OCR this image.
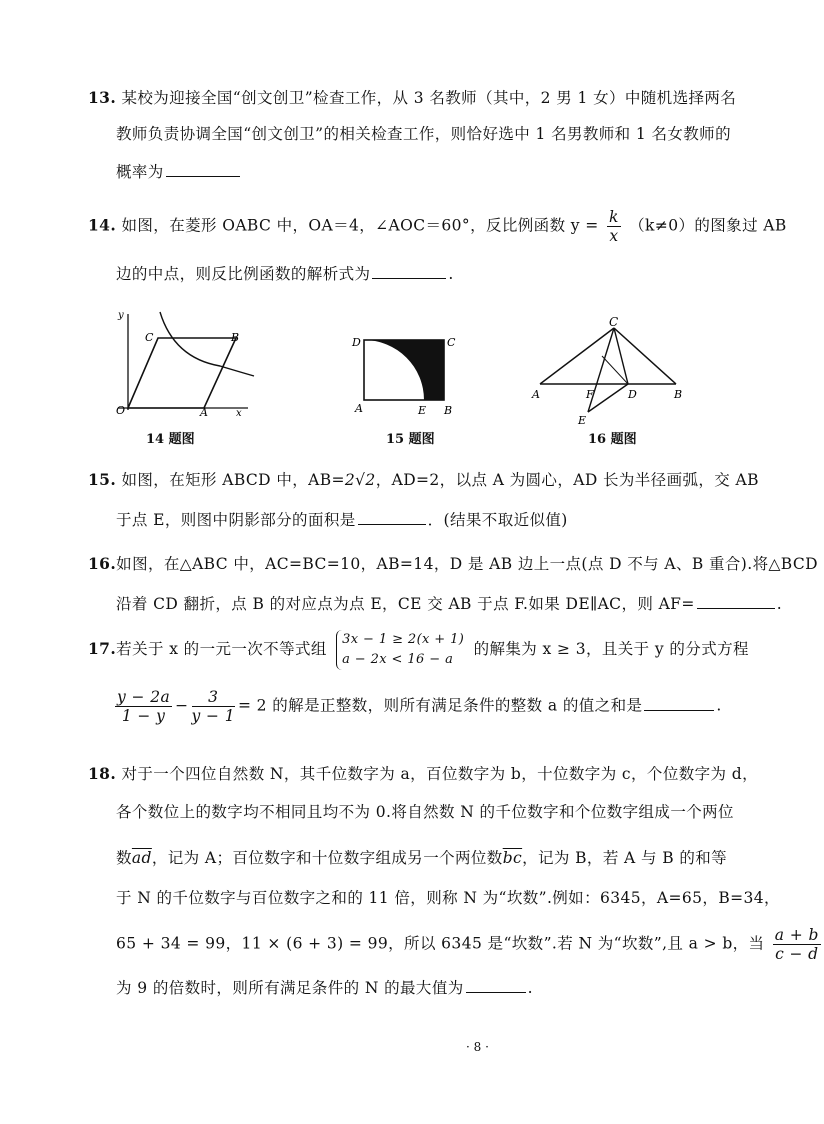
13. 某校为迎接全国“创文创卫”检查工作，从 3 名教师（其中，2 男 1 女）中随机选择两名
教师负责协调全国“创文创卫”的相关检查工作，则恰好选中 1 名男教师和 1 名女教师的
概率为
14. 如图，在菱形 OABC 中，OA＝4，∠AOC＝60°，反比例函数 $y = \frac{k}{x} (k\ne 0)$的图象过 AB
边的中点，则反比例函数的解析式为	.
y
x
O	A
B
C
14 题图
D	C
A	E B
15 题图
C
A	F	D	B
E
16 题图
15. 如图，在矩形 ABCD 中，AB=2√2，AD=2，以点 A 为圆心，AD 长为半径画弧，交 AB
于点 E，则图中阴影部分的面积是	．(结果不取近似值)
16.如图，在△ABC 中，AC=BC=10，AB=14，D 是 AB 边上一点(点 D 不与 A、B 重合).将△BCD
沿着 CD 翻折，点 B 的对应点为点 E，CE 交 AB 于点 F.如果 DE∥AC，则 AF=	.
17.若关于 x 的一元一次不等式组
3x − 1 ≥ 2(x + 1)
a − 2x < 16 − a
的解集为 x ≥ 3，且关于 y 的分式方程
$\frac{y - 2a}{1 - y} - \frac{3}{y - 1} = 2$ 的解是正整数，则所有满足条件的整数 a 的值之和是	.
18. 对于一个四位自然数 N，其千位数字为 a，百位数字为 b，十位数字为 c，个位数字为 d，
各个数位上的数字均不相同且均不为 0.将自然数 N 的千位数字和个位数字组成一个两位
数$\overline{ad}$，记为 A；百位数字和十位数字组成另一个两位数$\overline{bc}$，记为 B，若 A 与 B 的和等
于 N 的千位数字与百位数字之和的 11 倍，则称 N 为“坎数”.例如：6345，A=65，B=34，
65 + 34 = 99，11 × (6 + 3) = 99，所以 6345 是“坎数”.若 N 为“坎数”,且 a > b，当 $\frac{a + b}{c - d}$
为 9 的倍数时，则所有满足条件的 N 的最大值为	.
· 8 ·
